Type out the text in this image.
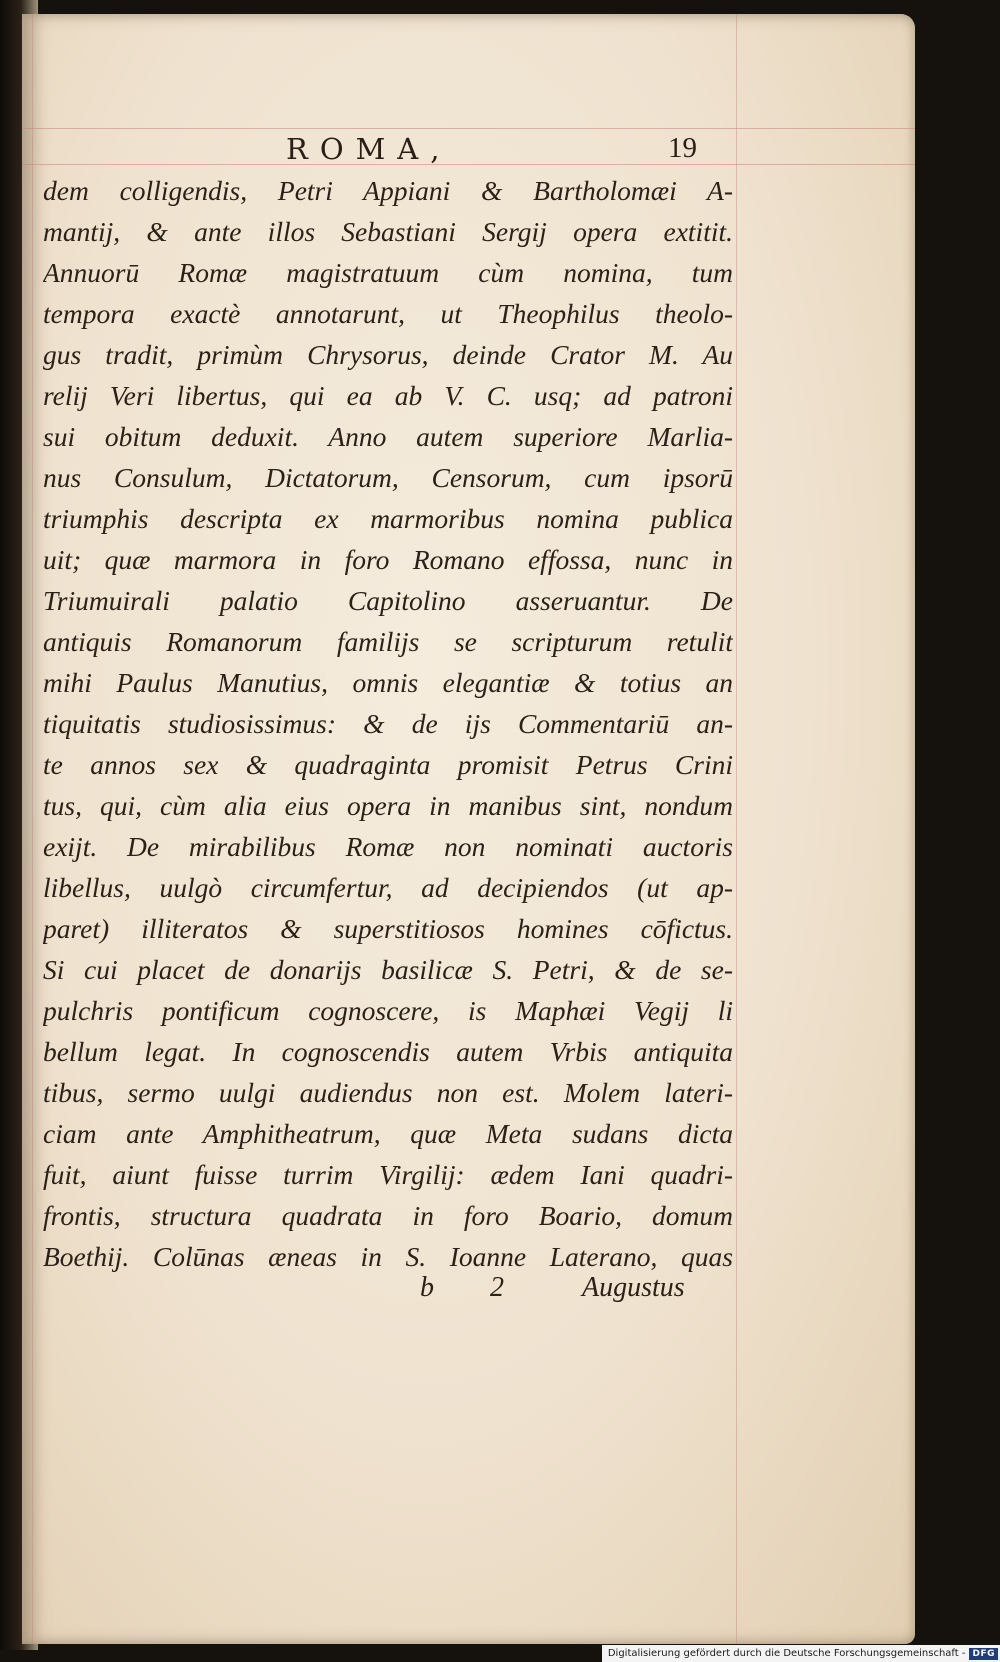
ROMA,	19
dem colligendis, Petri Appiani & Bartholomæi A-
mantij, & ante illos Sebastiani Sergij opera extitit.
Annuorū Romæ magistratuum cùm nomina, tum
tempora exactè annotarunt, ut Theophilus theolo-
gus tradit, primùm Chrysorus, deinde Crator M. Au
relij Veri libertus, qui ea ab V. C. usq; ad patroni
sui obitum deduxit. Anno autem superiore Marlia-
nus Consulum, Dictatorum, Censorum, cum ipsorū
triumphis descripta ex marmoribus nomina publica
uit; quæ marmora in foro Romano effossa, nunc in
Triumuirali palatio Capitolino asseruantur. De
antiquis Romanorum familijs se scripturum retulit
mihi Paulus Manutius, omnis elegantiæ & totius an
tiquitatis studiosissimus: & de ijs Commentariū an-
te annos sex & quadraginta promisit Petrus Crini
tus, qui, cùm alia eius opera in manibus sint, nondum
exijt. De mirabilibus Romæ non nominati auctoris
libellus, uulgò circumfertur, ad decipiendos (ut ap-
paret) illiteratos & superstitiosos homines cōfictus.
Si cui placet de donarijs basilicæ S. Petri, & de se-
pulchris pontificum cognoscere, is Maphæi Vegij li
bellum legat. In cognoscendis autem Vrbis antiquita
tibus, sermo uulgi audiendus non est. Molem lateri-
ciam ante Amphitheatrum, quæ Meta sudans dicta
fuit, aiunt fuisse turrim Virgilij: ædem Iani quadri-
frontis, structura quadrata in foro Boario, domum
Boethij. Colūnas æneas in S. Ioanne Laterano, quas
b 2	Augustus
Digitalisierung gefördert durch die Deutsche Forschungsgemeinschaft - DFG
